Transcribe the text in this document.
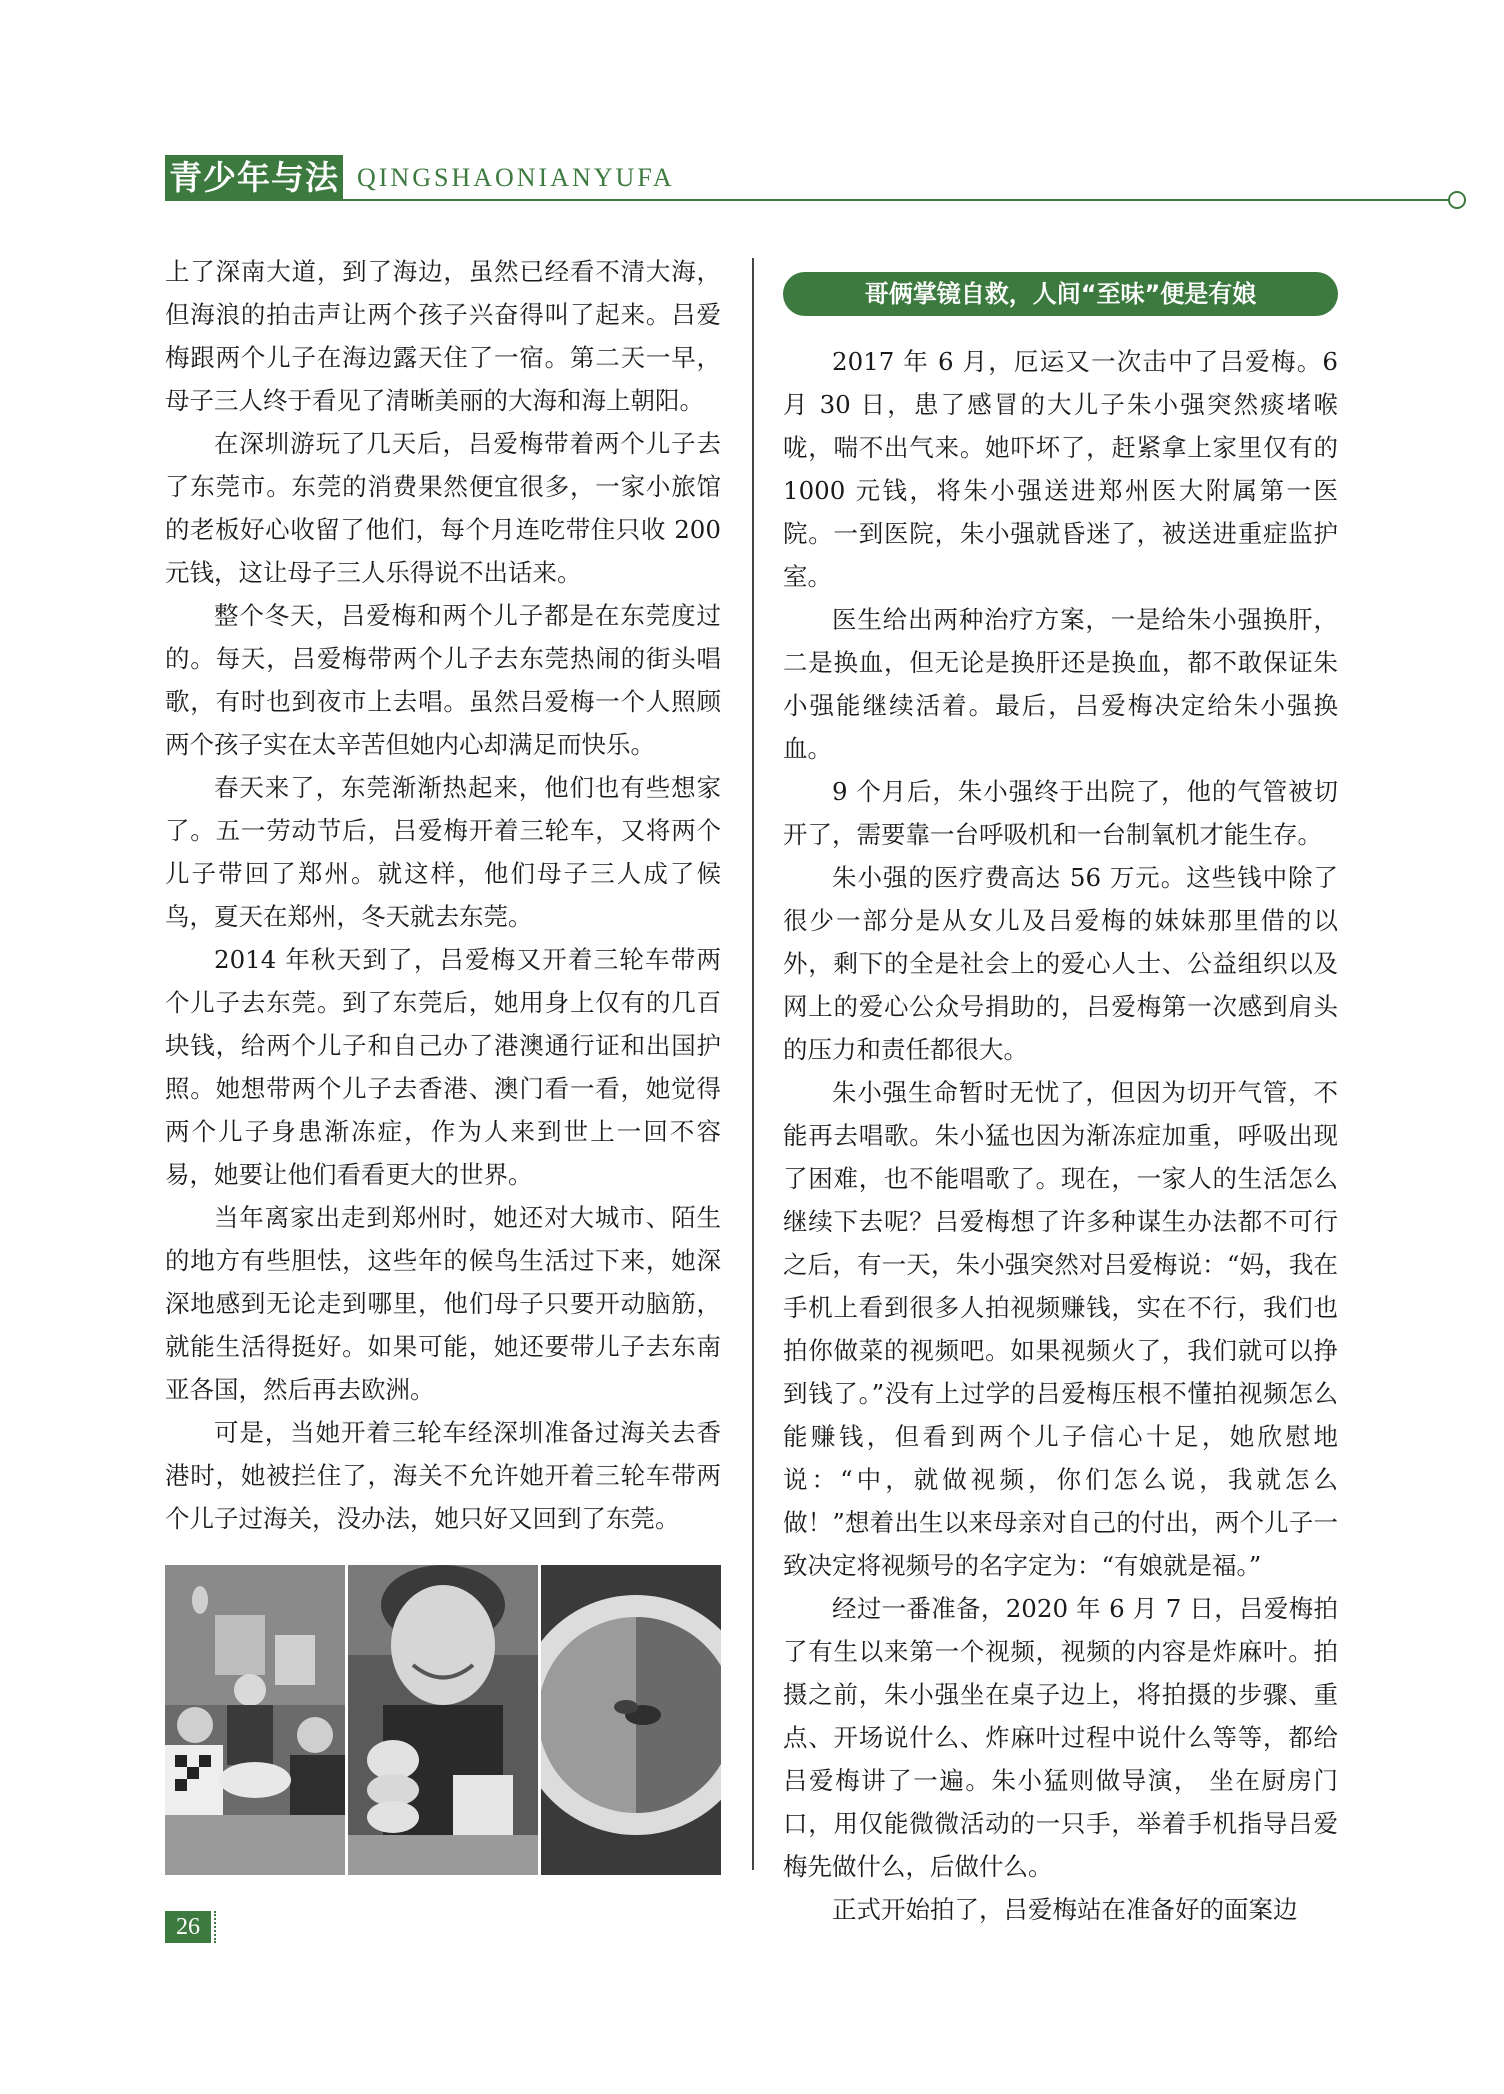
青少年与法 QINGSHAONIANYUFA

上了深南大道，到了海边，虽然已经看不清大海，但海浪的拍击声让两个孩子兴奋得叫了起来。吕爱梅跟两个儿子在海边露天住了一宿。第二天一早，母子三人终于看见了清晰美丽的大海和海上朝阳。

在深圳游玩了几天后，吕爱梅带着两个儿子去了东莞市。东莞的消费果然便宜很多，一家小旅馆的老板好心收留了他们，每个月连吃带住只收 200 元钱，这让母子三人乐得说不出话来。

整个冬天，吕爱梅和两个儿子都是在东莞度过的。每天，吕爱梅带两个儿子去东莞热闹的街头唱歌，有时也到夜市上去唱。虽然吕爱梅一个人照顾两个孩子实在太辛苦但她内心却满足而快乐。

春天来了，东莞渐渐热起来，他们也有些想家了。五一劳动节后，吕爱梅开着三轮车，又将两个儿子带回了郑州。就这样，他们母子三人成了候鸟，夏天在郑州，冬天就去东莞。

2014 年秋天到了，吕爱梅又开着三轮车带两个儿子去东莞。到了东莞后，她用身上仅有的几百块钱，给两个儿子和自己办了港澳通行证和出国护照。她想带两个儿子去香港、澳门看一看，她觉得两个儿子身患渐冻症，作为人来到世上一回不容易，她要让他们看看更大的世界。

当年离家出走到郑州时，她还对大城市、陌生的地方有些胆怯，这些年的候鸟生活过下来，她深深地感到无论走到哪里，他们母子只要开动脑筋，就能生活得挺好。如果可能，她还要带儿子去东南亚各国，然后再去欧洲。

可是，当她开着三轮车经深圳准备过海关去香港时，她被拦住了，海关不允许她开着三轮车带两个儿子过海关，没办法，她只好又回到了东莞。

哥俩掌镜自救，人间“至味”便是有娘

2017 年 6 月，厄运又一次击中了吕爱梅。6 月 30 日，患了感冒的大儿子朱小强突然痰堵喉咙，喘不出气来。她吓坏了，赶紧拿上家里仅有的 1000 元钱，将朱小强送进郑州医大附属第一医院。一到医院，朱小强就昏迷了，被送进重症监护室。

医生给出两种治疗方案，一是给朱小强换肝，二是换血，但无论是换肝还是换血，都不敢保证朱小强能继续活着。最后，吕爱梅决定给朱小强换血。

9 个月后，朱小强终于出院了，他的气管被切开了，需要靠一台呼吸机和一台制氧机才能生存。

朱小强的医疗费高达 56 万元。这些钱中除了很少一部分是从女儿及吕爱梅的妹妹那里借的以外，剩下的全是社会上的爱心人士、公益组织以及网上的爱心公众号捐助的，吕爱梅第一次感到肩头的压力和责任都很大。

朱小强生命暂时无忧了，但因为切开气管，不能再去唱歌。朱小猛也因为渐冻症加重，呼吸出现了困难，也不能唱歌了。现在，一家人的生活怎么继续下去呢？吕爱梅想了许多种谋生办法都不可行之后，有一天，朱小强突然对吕爱梅说：“妈，我在手机上看到很多人拍视频赚钱，实在不行，我们也拍你做菜的视频吧。如果视频火了，我们就可以挣到钱了。”没有上过学的吕爱梅压根不懂拍视频怎么能赚钱，但看到两个儿子信心十足，她欣慰地说：“中，就做视频，你们怎么说，我就怎么做！”想着出生以来母亲对自己的付出，两个儿子一致决定将视频号的名字定为：“有娘就是福。”

经过一番准备，2020 年 6 月 7 日，吕爱梅拍了有生以来第一个视频，视频的内容是炸麻叶。拍摄之前，朱小强坐在桌子边上，将拍摄的步骤、重点、开场说什么、炸麻叶过程中说什么等等，都给吕爱梅讲了一遍。朱小猛则做导演， 坐在厨房门口，用仅能微微活动的一只手，举着手机指导吕爱梅先做什么，后做什么。

正式开始拍了，吕爱梅站在准备好的面案边

26
